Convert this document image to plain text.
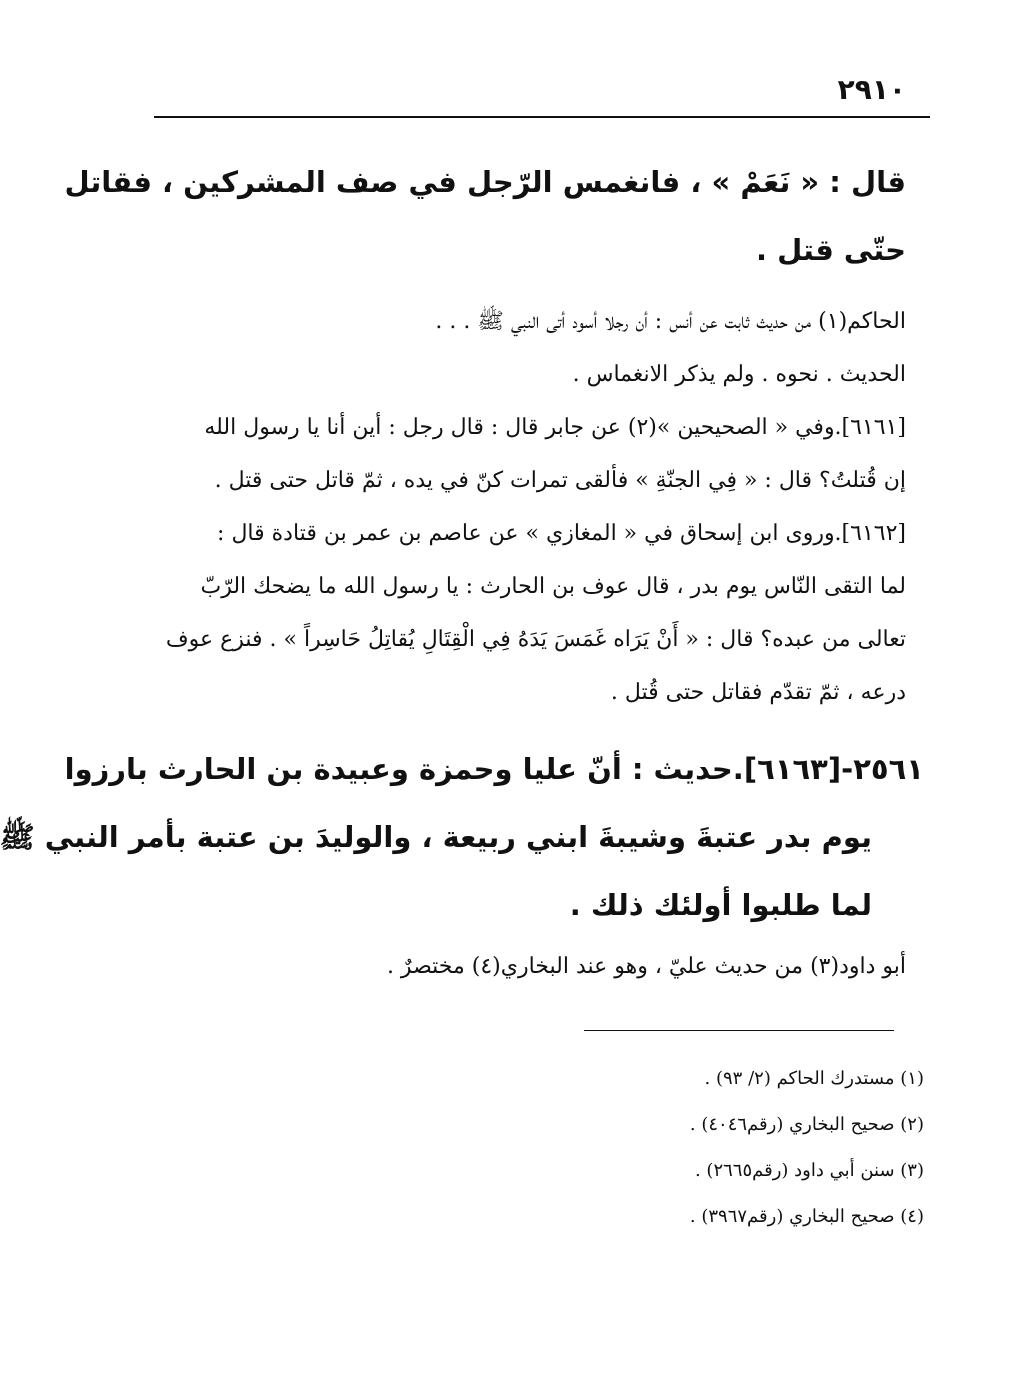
٢٩١٠
قال : « نَعَمْ » ، فانغمس الرّجل في صف المشركين ، فقاتل
حتّى قتل .
الحاكم(١) من حديث ثابت عن أنس : أن رجلا أسود أتى النبي ﷺ . . .
الحديث . نحوه . ولم يذكر الانغماس .
[٦١٦١].وفي « الصحيحين »(٢) عن جابر قال : قال رجل : أين أنا يا رسول الله
إن قُتلتُ؟ قال : « فِي الجنّةِ » فألقى تمرات كنّ في يده ، ثمّ قاتل حتى قتل .
[٦١٦٢].وروى ابن إسحاق في « المغازي » عن عاصم بن عمر بن قتادة قال :
لما التقى النّاس يوم بدر ، قال عوف بن الحارث : يا رسول الله ما يضحك الرّبّ
تعالى من عبده؟ قال : « أَنْ يَرَاه غَمَسَ يَدَهُ فِي الْقِتَالِ يُقاتِلُ حَاسِراً » . فنزع عوف
درعه ، ثمّ تقدّم فقاتل حتى قُتل .
٢٥٦١-[٦١٦٣].حديث : أنّ عليا وحمزة وعبيدة بن الحارث بارزوا
يوم بدر عتبةَ وشيبةَ ابني ربيعة ، والوليدَ بن عتبة بأمر النبي ﷺ
لما طلبوا أولئك ذلك .
أبو داود(٣) من حديث عليّ ، وهو عند البخاري(٤) مختصرٌ .
(١) مستدرك الحاكم (٢/ ٩٣) .
(٢) صحيح البخاري (رقم٤٠٤٦) .
(٣) سنن أبي داود (رقم٢٦٦٥) .
(٤) صحيح البخاري (رقم٣٩٦٧) .
